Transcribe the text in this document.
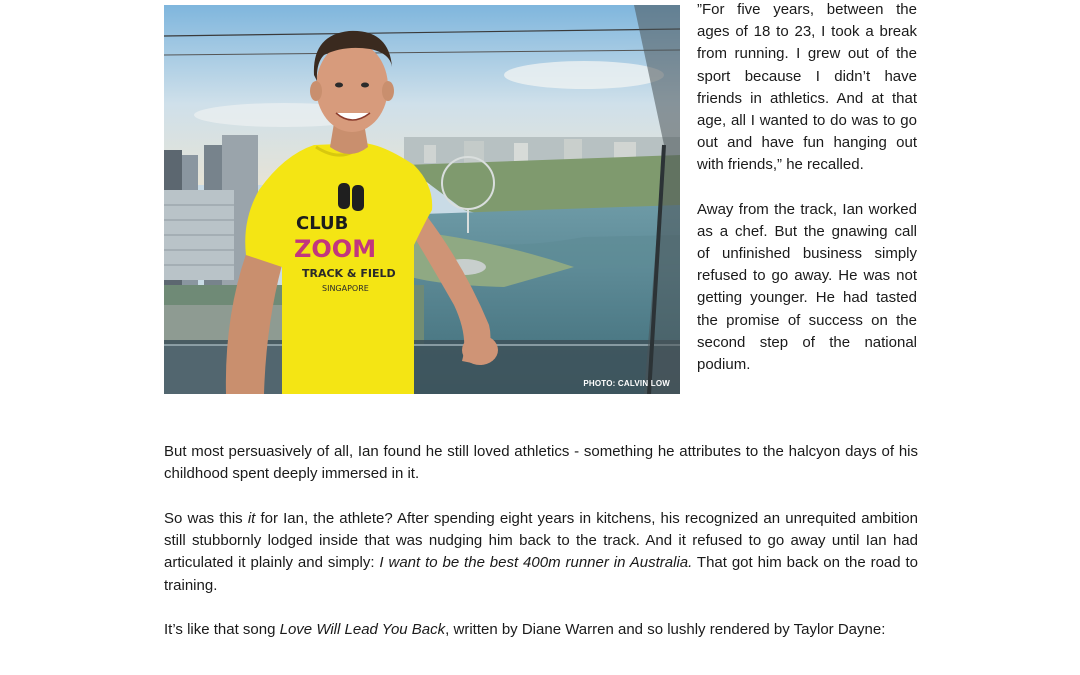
CLUB
ZOOM
TRACK & FIELD
SINGAPORE
PHOTO: CALVIN LOW

”For five years, between the ages of 18 to 23, I took a break from running. I grew out of the sport because I didn’t have friends in athletics. And at that age, all I wanted to do was to go out and have fun hanging out with friends,” he recalled.

Away from the track, Ian worked as a chef. But the gnawing call of unfinished business simply refused to go away. He was not getting younger. He had tasted the promise of success on the second step of the national podium.

But most persuasively of all, Ian found he still loved athletics - something he attributes to the halcyon days of his childhood spent deeply immersed in it.

So was this it for Ian, the athlete? After spending eight years in kitchens, his recognized an unrequited ambition still stubbornly lodged inside that was nudging him back to the track. And it refused to go away until Ian had articulated it plainly and simply: I want to be the best 400m runner in Australia. That got him back on the road to training.

It’s like that song Love Will Lead You Back, written by Diane Warren and so lushly rendered by Taylor Dayne:
